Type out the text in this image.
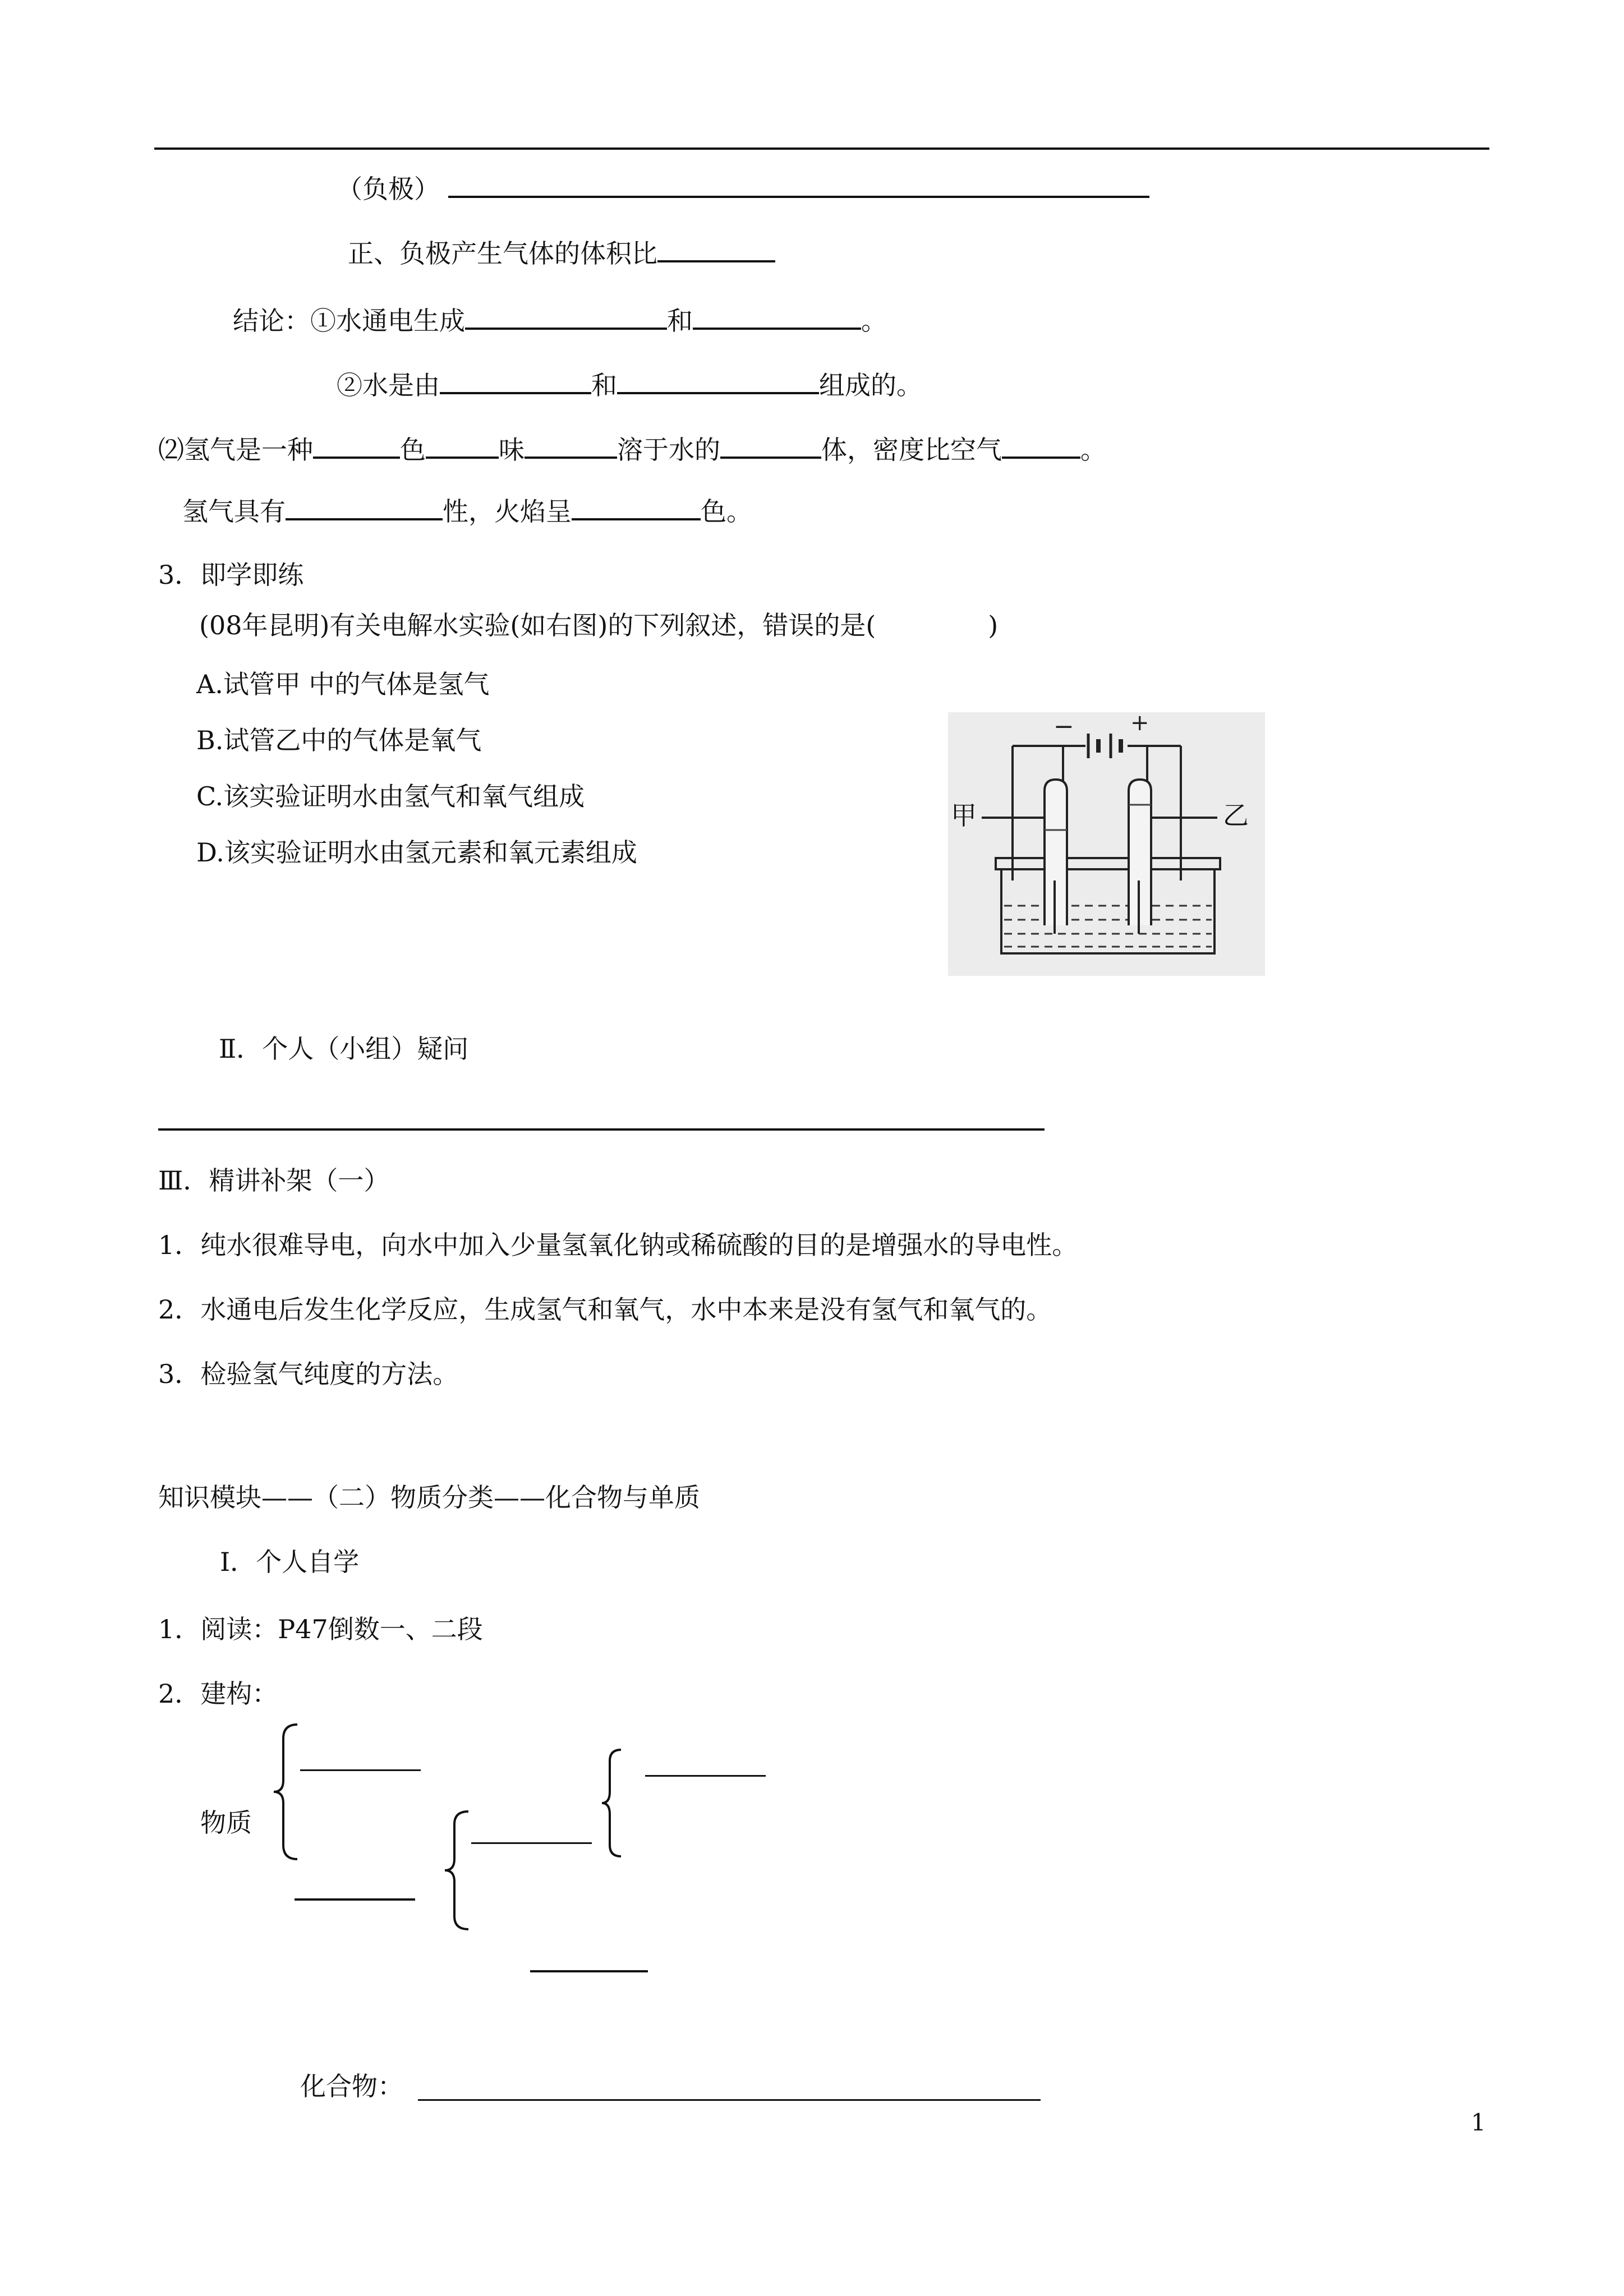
（负极）
正、负极产生气体的体积比
结论：①水通电生成	和	。
②水是由	和	组成的。
⑵氢气是一种	色	味	溶于水的	体，密度比空气	。
氢气具有	性，火焰呈	色。
3．即学即练
(08年昆明)有关电解水实验(如右图)的下列叙述，错误的是(	)
A.试管甲 中的气体是氢气
B.试管乙中的气体是氧气
C.该实验证明水由氢气和氧气组成
D.该实验证明水由氢元素和氧元素组成
−	+
甲	乙
Ⅱ．个人（小组）疑问
Ⅲ．精讲补架（一）
1．纯水很难导电，向水中加入少量氢氧化钠或稀硫酸的目的是增强水的导电性。
2．水通电后发生化学反应，生成氢气和氧气，水中本来是没有氢气和氧气的。
3．检验氢气纯度的方法。
知识模块——（二）物质分类——化合物与单质
Ⅰ．个人自学
1．阅读：P47倒数一、二段
2．建构：
物质
化合物：
1
